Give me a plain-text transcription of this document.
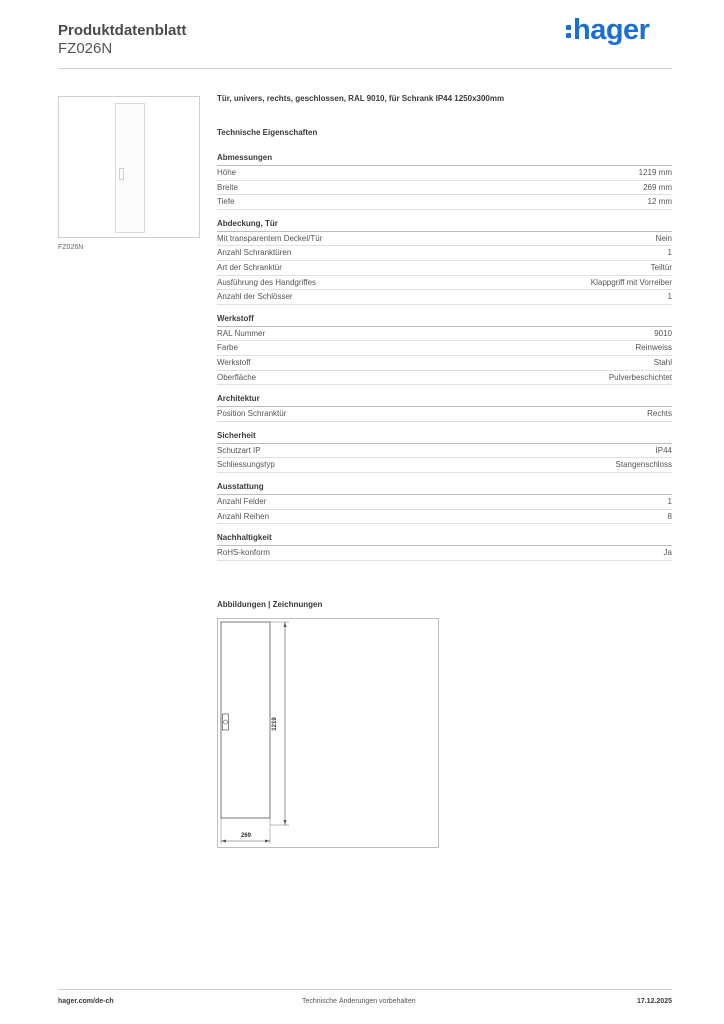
Produktdatenblatt
FZ026N
hager
FZ026N
Tür, univers, rechts, geschlossen, RAL 9010, für Schrank IP44 1250x300mm
Technische Eigenschaften
Abmessungen
Höhe	1219 mm
Breite	269 mm
Tiefe	12 mm
Abdeckung, Tür
Mit transparentem Deckel/Tür	Nein
Anzahl Schranktüren	1
Art der Schranktür	Teiltür
Ausführung des Handgriffes	Klappgriff mit Vorreiber
Anzahl der Schlösser	1
Werkstoff
RAL Nummer	9010
Farbe	Reinweiss
Werkstoff	Stahl
Oberfläche	Pulverbeschichtet
Architektur
Position Schranktür	Rechts
Sicherheit
Schutzart IP	IP44
Schliessungstyp	Stangenschloss
Ausstattung
Anzahl Felder	1
Anzahl Reihen	8
Nachhaltigkeit
RoHS-konform	Ja
Abbildungen | Zeichnungen
1219
269
hager.com/de-ch	Technische Änderungen vorbehalten	17.12.2025
